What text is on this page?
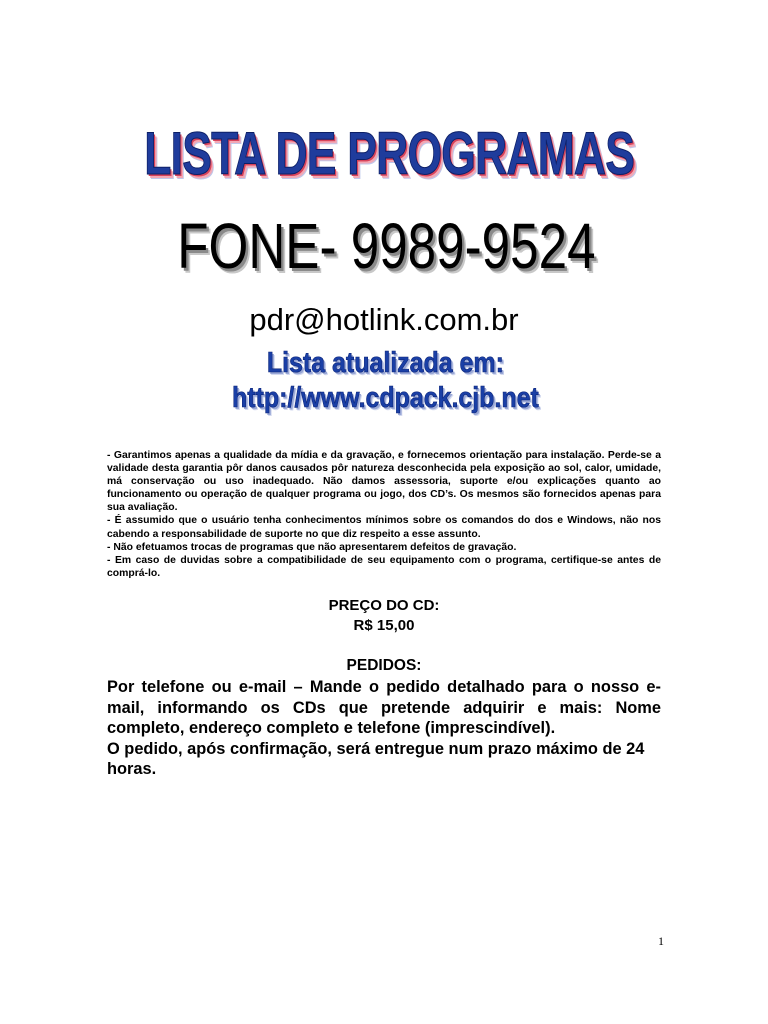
LISTA DE PROGRAMAS
FONE- 9989-9524
pdr@hotlink.com.br
Lista atualizada em:
http://www.cdpack.cjb.net

- Garantimos apenas a qualidade da mídia e da gravação, e fornecemos orientação para instalação. Perde-se a validade desta garantia pôr danos causados pôr natureza desconhecida pela exposição ao sol, calor, umidade, má conservação ou uso inadequado. Não damos assessoria, suporte e/ou explicações quanto ao funcionamento ou operação de qualquer programa ou jogo, dos CD’s. Os mesmos são fornecidos apenas para sua avaliação.

- É assumido que o usuário tenha conhecimentos mínimos sobre os comandos do dos e Windows, não nos cabendo a responsabilidade de suporte no que diz respeito a esse assunto.

- Não efetuamos trocas de programas que não apresentarem defeitos de gravação.

- Em caso de duvidas sobre a compatibilidade de seu equipamento com o programa, certifique-se antes de comprá-lo.

PREÇO DO CD:
R$ 15,00
PEDIDOS:

Por telefone ou e-mail – Mande o pedido detalhado para o nosso e-mail, informando os CDs que pretende adquirir e mais: Nome completo, endereço completo e telefone (imprescindível).

O pedido, após confirmação, será entregue num prazo máximo de 24 horas.

1
